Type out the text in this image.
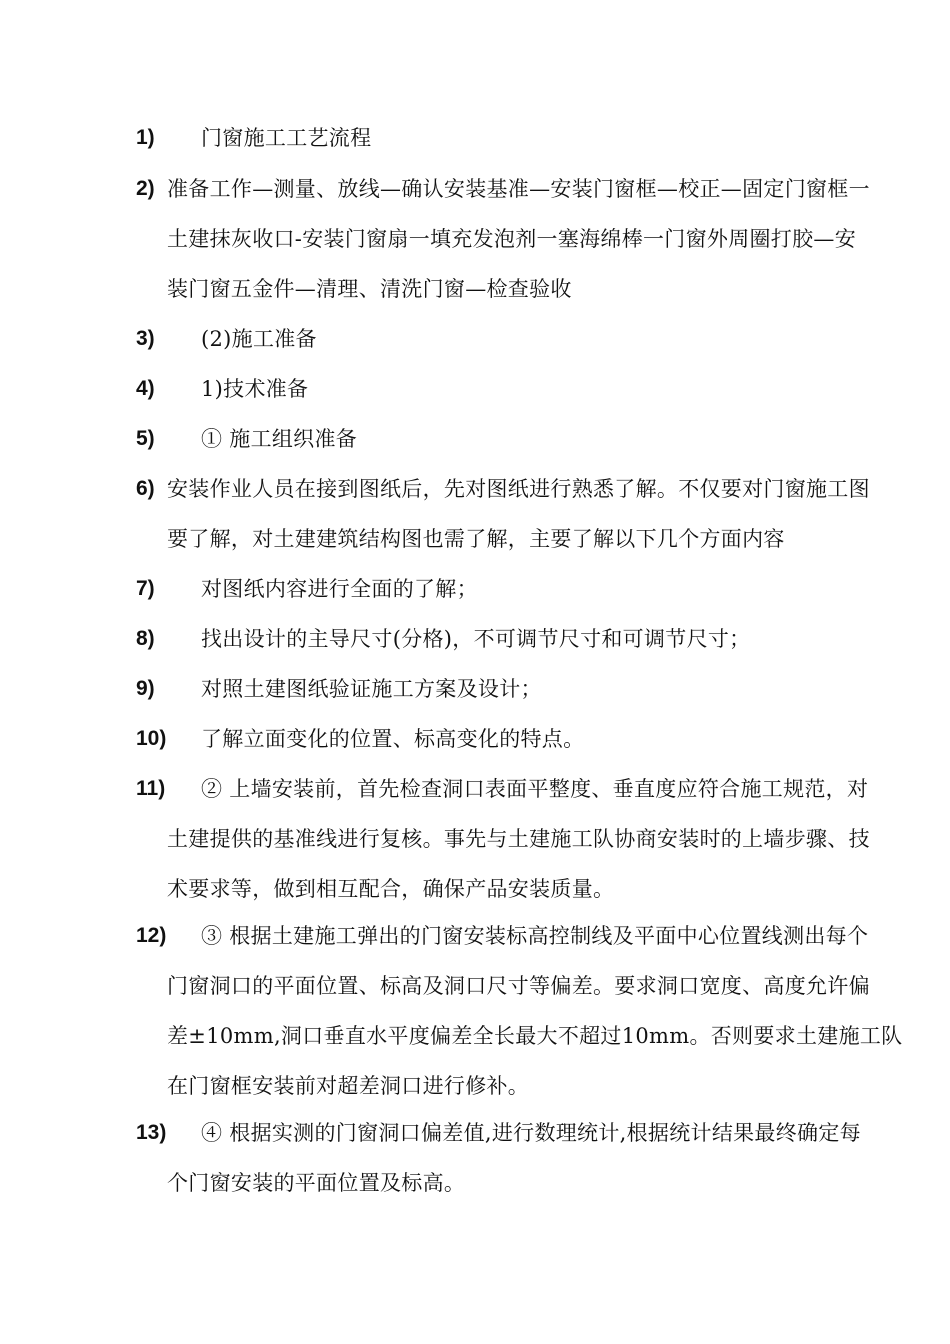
1) 门窗施工工艺流程
2) 准备工作—测量、放线—确认安装基准—安装门窗框—校正—固定门窗框一
土建抹灰收口-安装门窗扇一填充发泡剂一塞海绵棒一门窗外周圈打胶—安
装门窗五金件—清理、清洗门窗—检查验收
3) (2)施工准备
4) 1)技术准备
5) ① 施工组织准备
6) 安装作业人员在接到图纸后，先对图纸进行熟悉了解。不仅要对门窗施工图
要了解，对土建建筑结构图也需了解，主要了解以下几个方面内容
7) 对图纸内容进行全面的了解；
8) 找出设计的主导尺寸(分格)，不可调节尺寸和可调节尺寸；
9) 对照土建图纸验证施工方案及设计；
10) 了解立面变化的位置、标高变化的特点。
11)	② 上墙安装前，首先检查洞口表面平整度、垂直度应符合施工规范，对
土建提供的基准线进行复核。事先与土建施工队协商安装时的上墙步骤、技
术要求等，做到相互配合，确保产品安装质量。
12)	③ 根据土建施工弹出的门窗安装标高控制线及平面中心位置线测出每个
门窗洞口的平面位置、标高及洞口尺寸等偏差。要求洞口宽度、高度允许偏
差±10mm,洞口垂直水平度偏差全长最大不超过10mm。否则要求土建施工队
在门窗框安装前对超差洞口进行修补。
13)	④ 根据实测的门窗洞口偏差值,进行数理统计,根据统计结果最终确定每
个门窗安装的平面位置及标高。
